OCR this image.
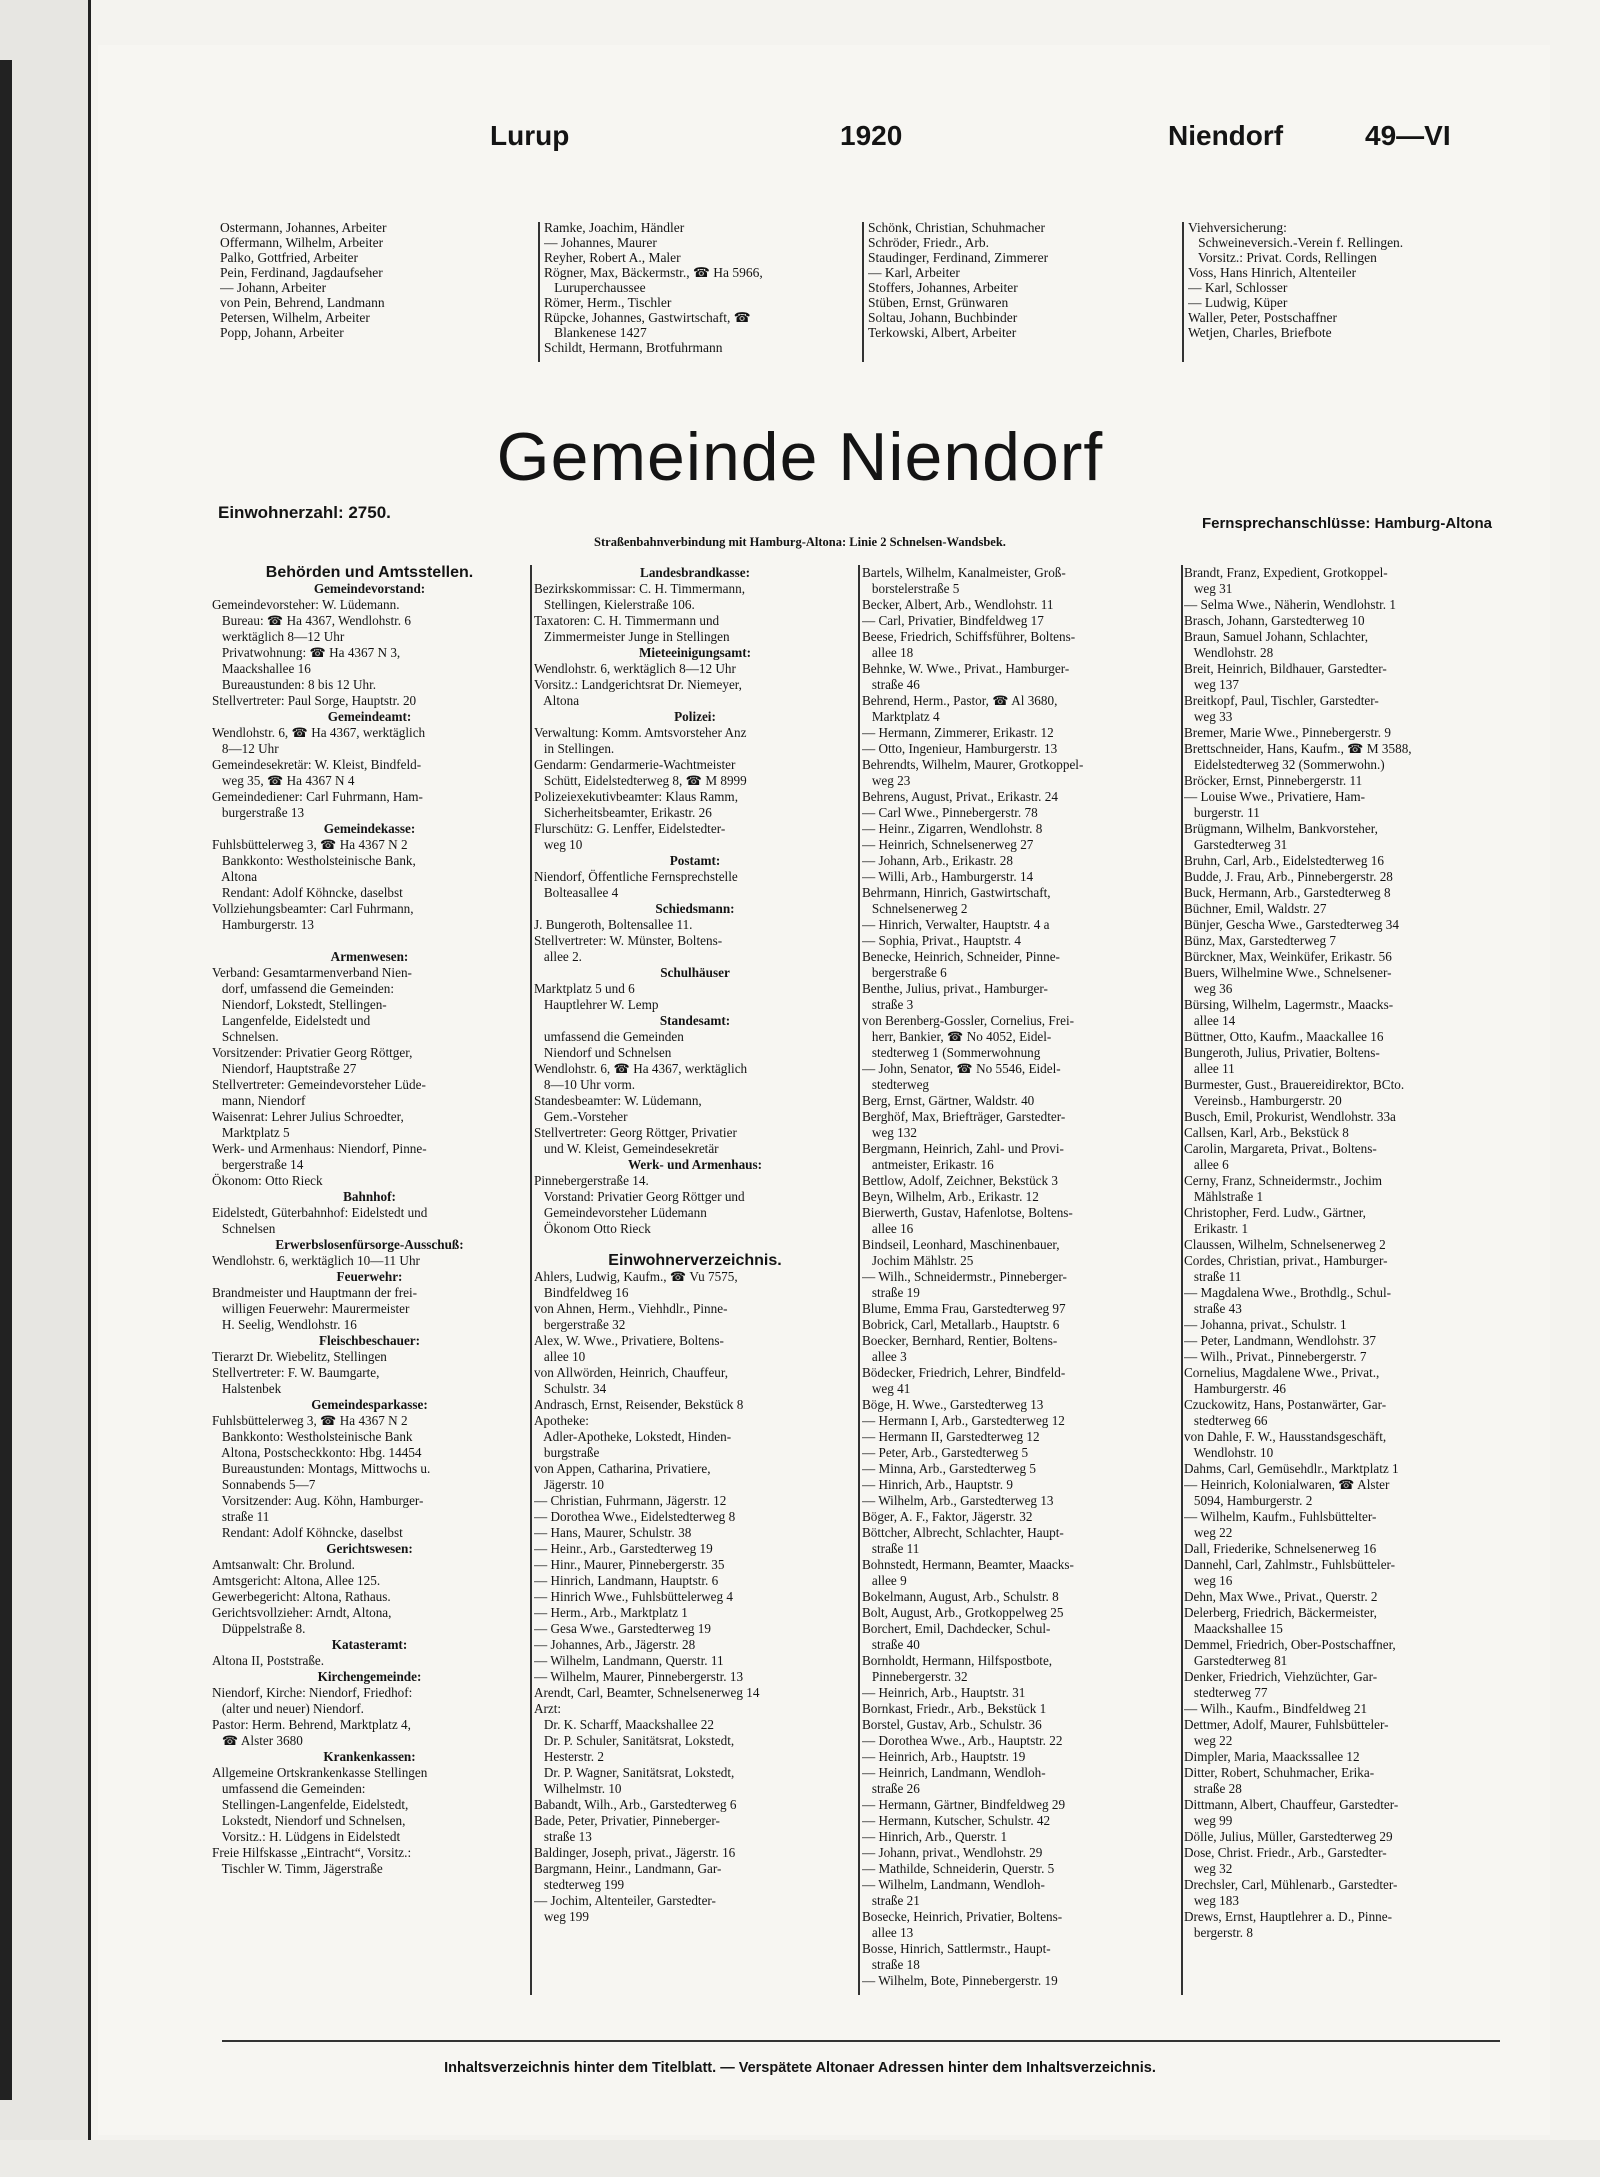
Lurup	1920	Niendorf	49—VI
Ostermann, Johannes, Arbeiter
Offermann, Wilhelm, Arbeiter
Palko, Gottfried, Arbeiter
Pein, Ferdinand, Jagdaufseher
— Johann, Arbeiter
von Pein, Behrend, Landmann
Petersen, Wilhelm, Arbeiter
Popp, Johann, Arbeiter
Ramke, Joachim, Händler
— Johannes, Maurer
Reyher, Robert A., Maler
Rögner, Max, Bäckermstr., ☎ Ha 5966,
Luruperchaussee
Römer, Herm., Tischler
Rüpcke, Johannes, Gastwirtschaft, ☎
Blankenese 1427
Schildt, Hermann, Brotfuhrmann
Schönk, Christian, Schuhmacher
Schröder, Friedr., Arb.
Staudinger, Ferdinand, Zimmerer
— Karl, Arbeiter
Stoffers, Johannes, Arbeiter
Stüben, Ernst, Grünwaren
Soltau, Johann, Buchbinder
Terkowski, Albert, Arbeiter
Viehversicherung:
Schweineversich.-Verein f. Rellingen.
Vorsitz.: Privat. Cords, Rellingen
Voss, Hans Hinrich, Altenteiler
— Karl, Schlosser
— Ludwig, Küper
Waller, Peter, Postschaffner
Wetjen, Charles, Briefbote
Gemeinde Niendorf
Einwohnerzahl: 2750.
Fernsprechanschlüsse: Hamburg-Altona
Straßenbahnverbindung mit Hamburg-Altona: Linie 2 Schnelsen-Wandsbek.
Behörden und Amtsstellen.
Gemeindevorstand:
Gemeindevorsteher: W. Lüdemann.
Bureau: ☎ Ha 4367, Wendlohstr. 6
werktäglich 8—12 Uhr
Privatwohnung: ☎ Ha 4367 N 3,
Maackshallee 16
Bureaustunden: 8 bis 12 Uhr.
Stellvertreter: Paul Sorge, Hauptstr. 20
Gemeindeamt:
Wendlohstr. 6, ☎ Ha 4367, werktäglich
8—12 Uhr
Gemeindesekretär: W. Kleist, Bindfeld-
weg 35, ☎ Ha 4367 N 4
Gemeindediener: Carl Fuhrmann, Ham-
burgerstraße 13
Gemeindekasse:
Fuhlsbüttelerweg 3, ☎ Ha 4367 N 2
Bankkonto: Westholsteinische Bank,
Altona
Rendant: Adolf Köhncke, daselbst
Vollziehungsbeamter: Carl Fuhrmann,
Hamburgerstr. 13

Armenwesen:
Verband: Gesamtarmenverband Nien-
dorf, umfassend die Gemeinden:
Niendorf, Lokstedt, Stellingen-
Langenfelde, Eidelstedt und
Schnelsen.
Vorsitzender: Privatier Georg Röttger,
Niendorf, Hauptstraße 27
Stellvertreter: Gemeindevorsteher Lüde-
mann, Niendorf
Waisenrat: Lehrer Julius Schroedter,
Marktplatz 5
Werk- und Armenhaus: Niendorf, Pinne-
bergerstraße 14
Ökonom: Otto Rieck
Bahnhof:
Eidelstedt, Güterbahnhof: Eidelstedt und
Schnelsen
Erwerbslosenfürsorge-Ausschuß:
Wendlohstr. 6, werktäglich 10—11 Uhr
Feuerwehr:
Brandmeister und Hauptmann der frei-
willigen Feuerwehr: Maurermeister
H. Seelig, Wendlohstr. 16
Fleischbeschauer:
Tierarzt Dr. Wiebelitz, Stellingen
Stellvertreter: F. W. Baumgarte,
Halstenbek
Gemeindesparkasse:
Fuhlsbüttelerweg 3, ☎ Ha 4367 N 2
Bankkonto: Westholsteinische Bank
Altona, Postscheckkonto: Hbg. 14454
Bureaustunden: Montags, Mittwochs u.
Sonnabends 5—7
Vorsitzender: Aug. Köhn, Hamburger-
straße 11
Rendant: Adolf Köhncke, daselbst
Gerichtswesen:
Amtsanwalt: Chr. Brolund.
Amtsgericht: Altona, Allee 125.
Gewerbegericht: Altona, Rathaus.
Gerichtsvollzieher: Arndt, Altona,
Düppelstraße 8.
Katasteramt:
Altona II, Poststraße.
Kirchengemeinde:
Niendorf, Kirche: Niendorf, Friedhof:
(alter und neuer) Niendorf.
Pastor: Herm. Behrend, Marktplatz 4,
☎ Alster 3680
Krankenkassen:
Allgemeine Ortskrankenkasse Stellingen
umfassend die Gemeinden:
Stellingen-Langenfelde, Eidelstedt,
Lokstedt, Niendorf und Schnelsen,
Vorsitz.: H. Lüdgens in Eidelstedt
Freie Hilfskasse „Eintracht“, Vorsitz.:
Tischler W. Timm, Jägerstraße
Landesbrandkasse:
Bezirkskommissar: C. H. Timmermann,
Stellingen, Kielerstraße 106.
Taxatoren: C. H. Timmermann und
Zimmermeister Junge in Stellingen
Mieteeinigungsamt:
Wendlohstr. 6, werktäglich 8—12 Uhr
Vorsitz.: Landgerichtsrat Dr. Niemeyer,
Altona
Polizei:
Verwaltung: Komm. Amtsvorsteher Anz
in Stellingen.
Gendarm: Gendarmerie-Wachtmeister
Schütt, Eidelstedterweg 8, ☎ M 8999
Polizeiexekutivbeamter: Klaus Ramm,
Sicherheitsbeamter, Erikastr. 26
Flurschütz: G. Lenffer, Eidelstedter-
weg 10
Postamt:
Niendorf, Öffentliche Fernsprechstelle
Bolteasallee 4
Schiedsmann:
J. Bungeroth, Boltensallee 11.
Stellvertreter: W. Münster, Boltens-
allee 2.
Schulhäuser
Marktplatz 5 und 6
Hauptlehrer W. Lemp
Standesamt:
umfassend die Gemeinden
Niendorf und Schnelsen
Wendlohstr. 6, ☎ Ha 4367, werktäglich
8—10 Uhr vorm.
Standesbeamter: W. Lüdemann,
Gem.-Vorsteher
Stellvertreter: Georg Röttger, Privatier
und W. Kleist, Gemeindesekretär
Werk- und Armenhaus:
Pinnebergerstraße 14.
Vorstand: Privatier Georg Röttger und
Gemeindevorsteher Lüdemann
Ökonom Otto Rieck

Einwohnerverzeichnis.
Ahlers, Ludwig, Kaufm., ☎ Vu 7575,
Bindfeldweg 16
von Ahnen, Herm., Viehhdlr., Pinne-
bergerstraße 32
Alex, W. Wwe., Privatiere, Boltens-
allee 10
von Allwörden, Heinrich, Chauffeur,
Schulstr. 34
Andrasch, Ernst, Reisender, Bekstück 8
Apotheke:
Adler-Apotheke, Lokstedt, Hinden-
burgstraße
von Appen, Catharina, Privatiere,
Jägerstr. 10
— Christian, Fuhrmann, Jägerstr. 12
— Dorothea Wwe., Eidelstedterweg 8
— Hans, Maurer, Schulstr. 38
— Heinr., Arb., Garstedterweg 19
— Hinr., Maurer, Pinnebergerstr. 35
— Hinrich, Landmann, Hauptstr. 6
— Hinrich Wwe., Fuhlsbüttelerweg 4
— Herm., Arb., Marktplatz 1
— Gesa Wwe., Garstedterweg 19
— Johannes, Arb., Jägerstr. 28
— Wilhelm, Landmann, Querstr. 11
— Wilhelm, Maurer, Pinnebergerstr. 13
Arendt, Carl, Beamter, Schnelsenerweg 14
Arzt:
Dr. K. Scharff, Maackshallee 22
Dr. P. Schuler, Sanitätsrat, Lokstedt,
Hesterstr. 2
Dr. P. Wagner, Sanitätsrat, Lokstedt,
Wilhelmstr. 10
Babandt, Wilh., Arb., Garstedterweg 6
Bade, Peter, Privatier, Pinneberger-
straße 13
Baldinger, Joseph, privat., Jägerstr. 16
Bargmann, Heinr., Landmann, Gar-
stedterweg 199
— Jochim, Altenteiler, Garstedter-
weg 199
Bartels, Wilhelm, Kanalmeister, Groß-
borstelerstraße 5
Becker, Albert, Arb., Wendlohstr. 11
— Carl, Privatier, Bindfeldweg 17
Beese, Friedrich, Schiffsführer, Boltens-
allee 18
Behnke, W. Wwe., Privat., Hamburger-
straße 46
Behrend, Herm., Pastor, ☎ Al 3680,
Marktplatz 4
— Hermann, Zimmerer, Erikastr. 12
— Otto, Ingenieur, Hamburgerstr. 13
Behrendts, Wilhelm, Maurer, Grotkoppel-
weg 23
Behrens, August, Privat., Erikastr. 24
— Carl Wwe., Pinnebergerstr. 78
— Heinr., Zigarren, Wendlohstr. 8
— Heinrich, Schnelsenerweg 27
— Johann, Arb., Erikastr. 28
— Willi, Arb., Hamburgerstr. 14
Behrmann, Hinrich, Gastwirtschaft,
Schnelsenerweg 2
— Hinrich, Verwalter, Hauptstr. 4 a
— Sophia, Privat., Hauptstr. 4
Benecke, Heinrich, Schneider, Pinne-
bergerstraße 6
Benthe, Julius, privat., Hamburger-
straße 3
von Berenberg-Gossler, Cornelius, Frei-
herr, Bankier, ☎ No 4052, Eidel-
stedterweg 1 (Sommerwohnung
— John, Senator, ☎ No 5546, Eidel-
stedterweg
Berg, Ernst, Gärtner, Waldstr. 40
Berghöf, Max, Briefträger, Garstedter-
weg 132
Bergmann, Heinrich, Zahl- und Provi-
antmeister, Erikastr. 16
Bettlow, Adolf, Zeichner, Bekstück 3
Beyn, Wilhelm, Arb., Erikastr. 12
Bierwerth, Gustav, Hafenlotse, Boltens-
allee 16
Bindseil, Leonhard, Maschinenbauer,
Jochim Mählstr. 25
— Wilh., Schneidermstr., Pinneberger-
straße 19
Blume, Emma Frau, Garstedterweg 97
Bobrick, Carl, Metallarb., Hauptstr. 6
Boecker, Bernhard, Rentier, Boltens-
allee 3
Bödecker, Friedrich, Lehrer, Bindfeld-
weg 41
Böge, H. Wwe., Garstedterweg 13
— Hermann I, Arb., Garstedterweg 12
— Hermann II, Garstedterweg 12
— Peter, Arb., Garstedterweg 5
— Minna, Arb., Garstedterweg 5
— Hinrich, Arb., Hauptstr. 9
— Wilhelm, Arb., Garstedterweg 13
Böger, A. F., Faktor, Jägerstr. 32
Böttcher, Albrecht, Schlachter, Haupt-
straße 11
Bohnstedt, Hermann, Beamter, Maacks-
allee 9
Bokelmann, August, Arb., Schulstr. 8
Bolt, August, Arb., Grotkoppelweg 25
Borchert, Emil, Dachdecker, Schul-
straße 40
Bornholdt, Hermann, Hilfspostbote,
Pinnebergerstr. 32
— Heinrich, Arb., Hauptstr. 31
Bornkast, Friedr., Arb., Bekstück 1
Borstel, Gustav, Arb., Schulstr. 36
— Dorothea Wwe., Arb., Hauptstr. 22
— Heinrich, Arb., Hauptstr. 19
— Heinrich, Landmann, Wendloh-
straße 26
— Hermann, Gärtner, Bindfeldweg 29
— Hermann, Kutscher, Schulstr. 42
— Hinrich, Arb., Querstr. 1
— Johann, privat., Wendlohstr. 29
— Mathilde, Schneiderin, Querstr. 5
— Wilhelm, Landmann, Wendloh-
straße 21
Bosecke, Heinrich, Privatier, Boltens-
allee 13
Bosse, Hinrich, Sattlermstr., Haupt-
straße 18
— Wilhelm, Bote, Pinnebergerstr. 19
Brandt, Franz, Expedient, Grotkoppel-
weg 31
— Selma Wwe., Näherin, Wendlohstr. 1
Brasch, Johann, Garstedterweg 10
Braun, Samuel Johann, Schlachter,
Wendlohstr. 28
Breit, Heinrich, Bildhauer, Garstedter-
weg 137
Breitkopf, Paul, Tischler, Garstedter-
weg 33
Bremer, Marie Wwe., Pinnebergerstr. 9
Brettschneider, Hans, Kaufm., ☎ M 3588,
Eidelstedterweg 32 (Sommerwohn.)
Bröcker, Ernst, Pinnebergerstr. 11
— Louise Wwe., Privatiere, Ham-
burgerstr. 11
Brügmann, Wilhelm, Bankvorsteher,
Garstedterweg 31
Bruhn, Carl, Arb., Eidelstedterweg 16
Budde, J. Frau, Arb., Pinnebergerstr. 28
Buck, Hermann, Arb., Garstedterweg 8
Büchner, Emil, Waldstr. 27
Bünjer, Gescha Wwe., Garstedterweg 34
Bünz, Max, Garstedterweg 7
Bürckner, Max, Weinküfer, Erikastr. 56
Buers, Wilhelmine Wwe., Schnelsener-
weg 36
Bürsing, Wilhelm, Lagermstr., Maacks-
allee 14
Büttner, Otto, Kaufm., Maackallee 16
Bungeroth, Julius, Privatier, Boltens-
allee 11
Burmester, Gust., Brauereidirektor, BCto.
Vereinsb., Hamburgerstr. 20
Busch, Emil, Prokurist, Wendlohstr. 33a
Callsen, Karl, Arb., Bekstück 8
Carolin, Margareta, Privat., Boltens-
allee 6
Cerny, Franz, Schneidermstr., Jochim
Mählstraße 1
Christopher, Ferd. Ludw., Gärtner,
Erikastr. 1
Claussen, Wilhelm, Schnelsenerweg 2
Cordes, Christian, privat., Hamburger-
straße 11
— Magdalena Wwe., Brothdlg., Schul-
straße 43
— Johanna, privat., Schulstr. 1
— Peter, Landmann, Wendlohstr. 37
— Wilh., Privat., Pinnebergerstr. 7
Cornelius, Magdalene Wwe., Privat.,
Hamburgerstr. 46
Czuckowitz, Hans, Postanwärter, Gar-
stedterweg 66
von Dahle, F. W., Hausstandsgeschäft,
Wendlohstr. 10
Dahms, Carl, Gemüsehdlr., Marktplatz 1
— Heinrich, Kolonialwaren, ☎ Alster
5094, Hamburgerstr. 2
— Wilhelm, Kaufm., Fuhlsbüttelter-
weg 22
Dall, Friederike, Schnelsenerweg 16
Dannehl, Carl, Zahlmstr., Fuhlsbütteler-
weg 16
Dehn, Max Wwe., Privat., Querstr. 2
Delerberg, Friedrich, Bäckermeister,
Maackshallee 15
Demmel, Friedrich, Ober-Postschaffner,
Garstedterweg 81
Denker, Friedrich, Viehzüchter, Gar-
stedterweg 77
— Wilh., Kaufm., Bindfeldweg 21
Dettmer, Adolf, Maurer, Fuhlsbütteler-
weg 22
Dimpler, Maria, Maackssallee 12
Ditter, Robert, Schuhmacher, Erika-
straße 28
Dittmann, Albert, Chauffeur, Garstedter-
weg 99
Dölle, Julius, Müller, Garstedterweg 29
Dose, Christ. Friedr., Arb., Garstedter-
weg 32
Drechsler, Carl, Mühlenarb., Garstedter-
weg 183
Drews, Ernst, Hauptlehrer a. D., Pinne-
bergerstr. 8
Inhaltsverzeichnis hinter dem Titelblatt. — Verspätete Altonaer Adressen hinter dem Inhaltsverzeichnis.
